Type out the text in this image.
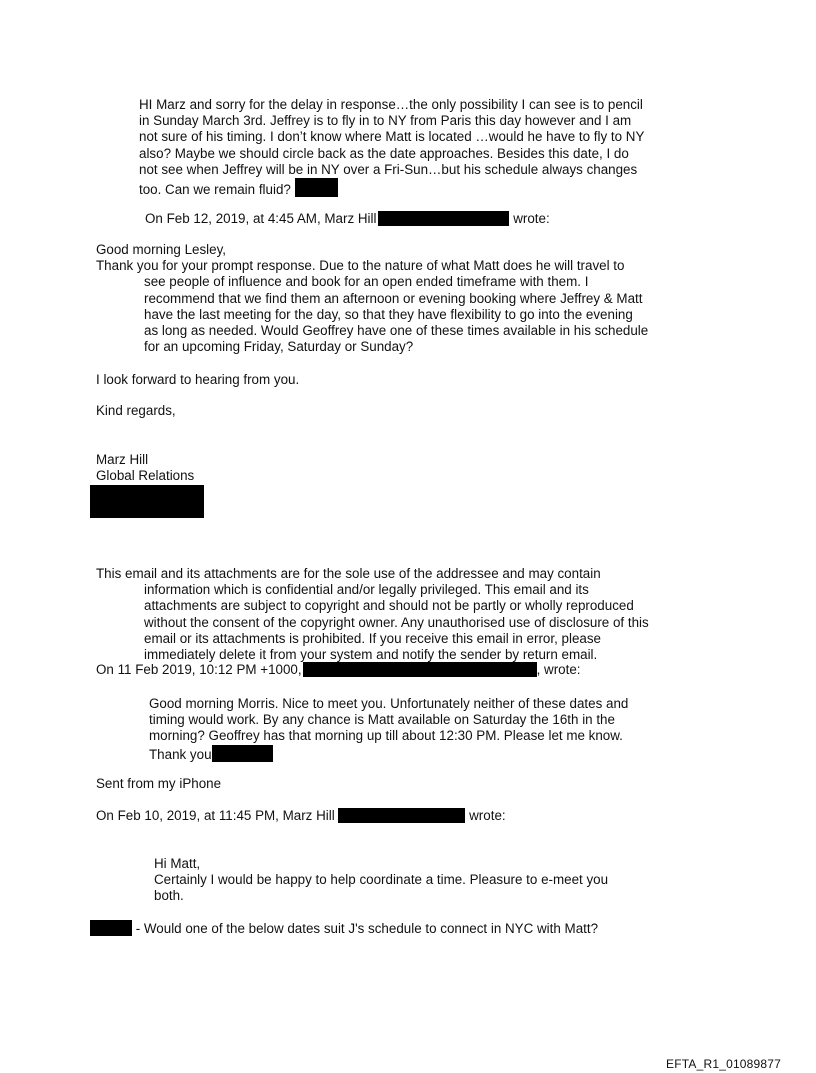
HI Marz and sorry for the delay in response…the only possibility I can see is to pencil
in Sunday March 3rd. Jeffrey is to fly in to NY from Paris this day however and I am
not sure of his timing. I don’t know where Matt is located …would he have to fly to NY
also? Maybe we should circle back as the date approaches. Besides this date, I do
not see when Jeffrey will be in NY over a Fri-Sun…but his schedule always changes
too. Can we remain fluid?
On Feb 12, 2019, at 4:45 AM, Marz Hill	wrote:
Good morning Lesley,
Thank you for your prompt response. Due to the nature of what Matt does he will travel to
see people of influence and book for an open ended timeframe with them. I
recommend that we find them an afternoon or evening booking where Jeffrey & Matt
have the last meeting for the day, so that they have flexibility to go into the evening
as long as needed. Would Geoffrey have one of these times available in his schedule
for an upcoming Friday, Saturday or Sunday?
I look forward to hearing from you.
Kind regards,
Marz Hill
Global Relations
This email and its attachments are for the sole use of the addressee and may contain
information which is confidential and/or legally privileged. This email and its
attachments are subject to copyright and should not be partly or wholly reproduced
without the consent of the copyright owner. Any unauthorised use of disclosure of this
email or its attachments is prohibited. If you receive this email in error, please
immediately delete it from your system and notify the sender by return email.
On 11 Feb 2019, 10:12 PM +1000,	, wrote:
Good morning Morris. Nice to meet you. Unfortunately neither of these dates and
timing would work. By any chance is Matt available on Saturday the 16th in the
morning? Geoffrey has that morning up till about 12:30 PM. Please let me know.
Thank you
Sent from my iPhone
On Feb 10, 2019, at 11:45 PM, Marz Hill	wrote:
Hi Matt,
Certainly I would be happy to help coordinate a time. Pleasure to e-meet you
both.
- Would one of the below dates suit J's schedule to connect in NYC with Matt?
EFTA_R1_01089877
